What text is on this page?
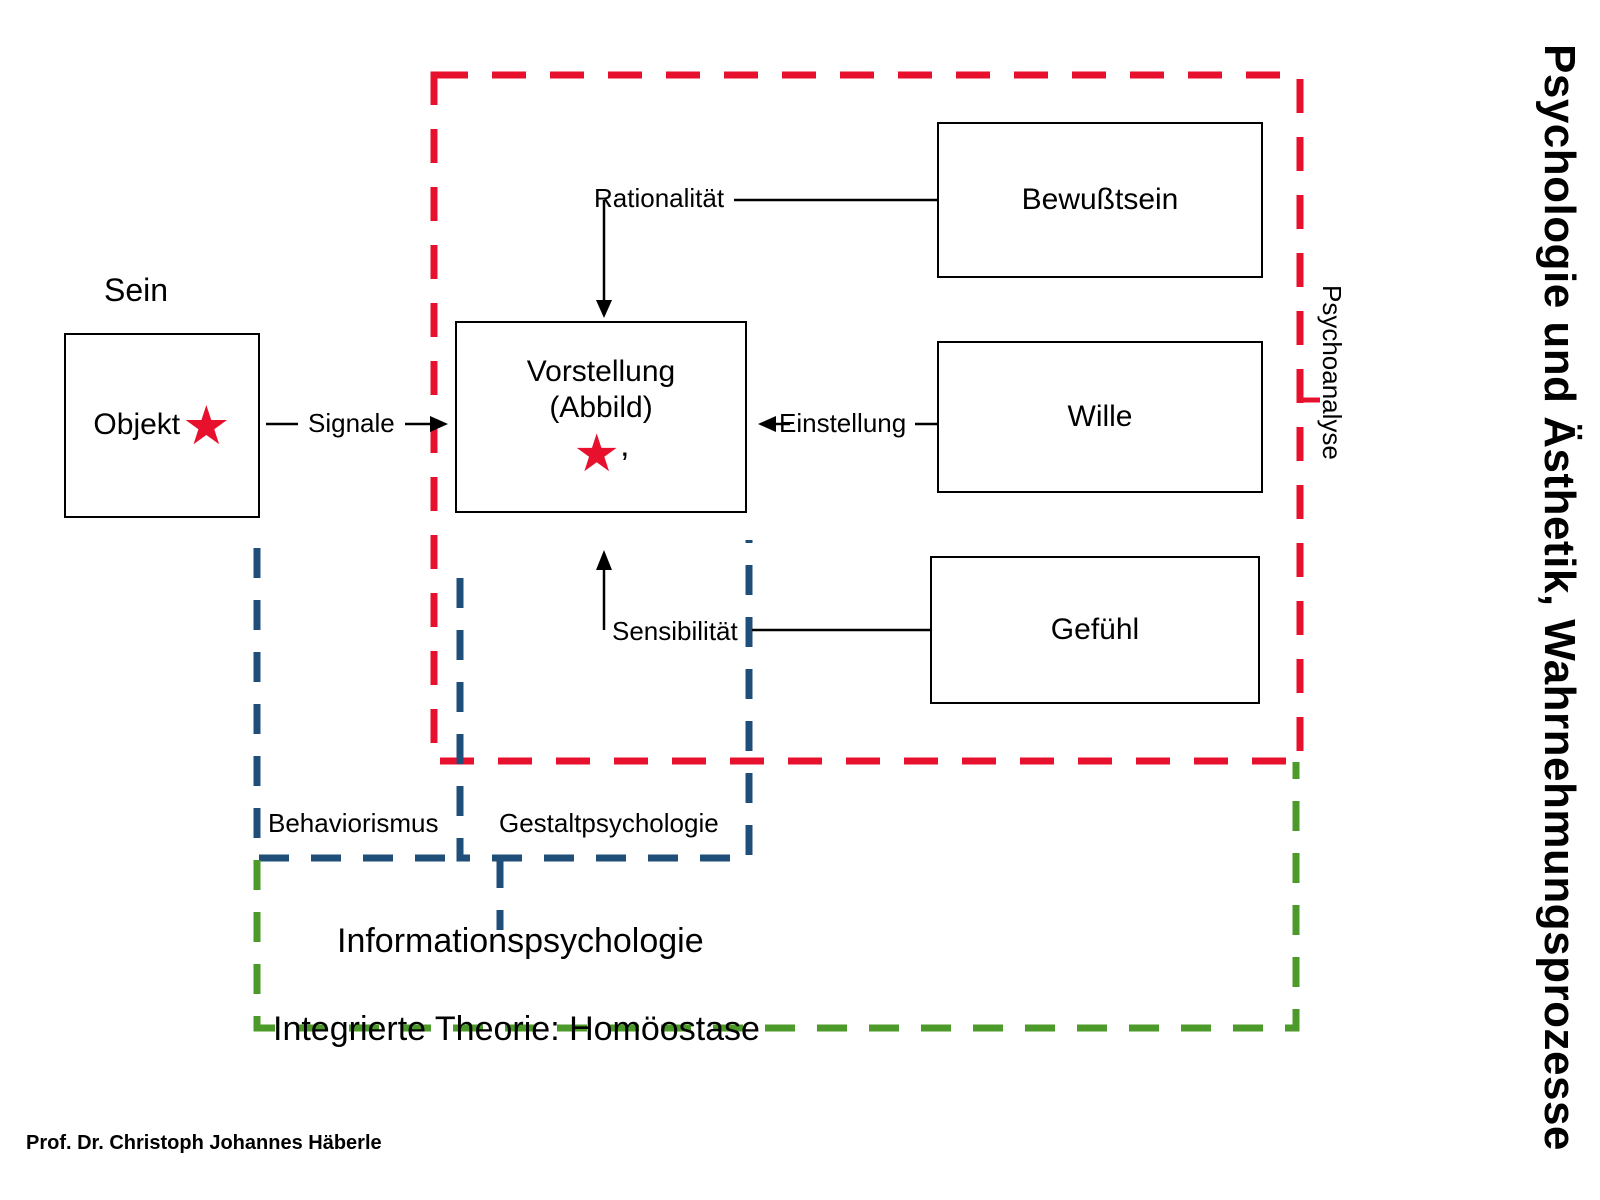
Sein
Signale
Rationalität
Einstellung
Sensibilität
Behaviorismus Gestaltpsychologie
Informationspsychologie
Integrierte Theorie: Homöostase
Psychoanalyse
Objekt ★
Vorstellung
(Abbild)
★ ’
Bewußtsein
Wille
Gefühl	Psychologie und Ästhetik, Wahrnehmungsprozesse
Prof. Dr. Christoph Johannes Häberle
